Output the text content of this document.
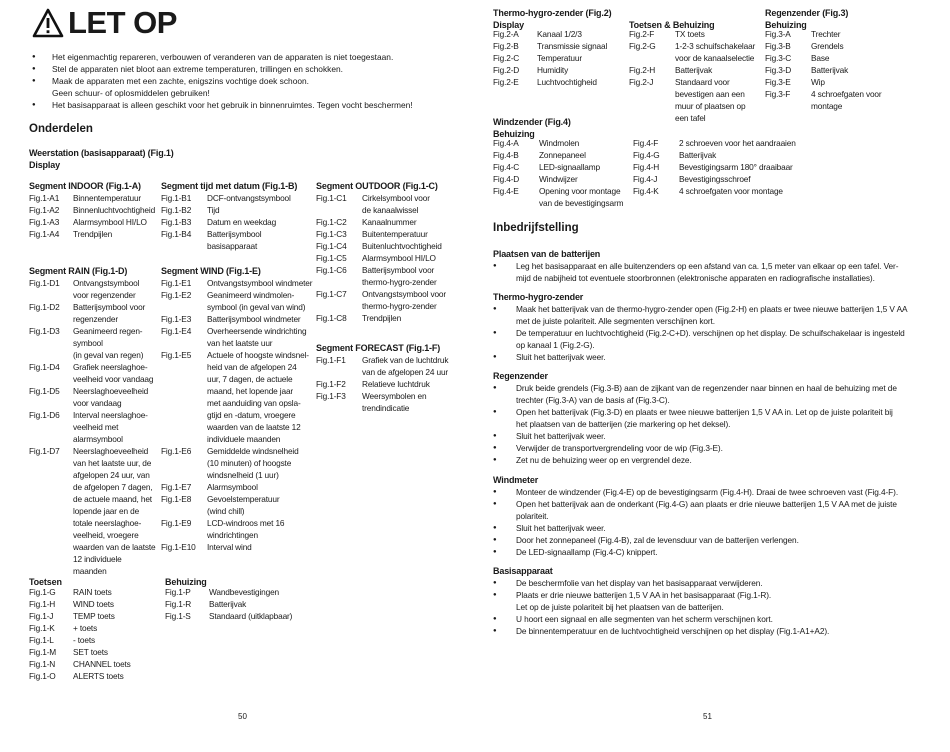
LET OP
● Het eigenmachtig repareren, verbouwen of veranderen van de apparaten is niet toegestaan.
● Stel de apparaten niet bloot aan extreme temperaturen, trillingen en schokken.
● Maak de apparaten met een zachte, enigszins vochtige doek schoon.
Geen schuur- of oplosmiddelen gebruiken!
● Het basisapparaat is alleen geschikt voor het gebruik in binnenruimtes. Tegen vocht beschermen!
Onderdelen
Weerstation (basisapparaat) (Fig.1)
Display
Segment INDOOR (Fig.1-A)
Fig.1-A1 Binnentemperatuur
Fig.1-A2 Binnenluchtvochtigheid
Fig.1-A3 Alarmsymbool HI/LO
Fig.1-A4 Trendpijlen
Segment tijd met datum (Fig.1-B)
Fig.1-B1 DCF-ontvangstsymbool
Fig.1-B2 Tijd
Fig.1-B3 Datum en weekdag
Fig.1-B4 Batterijsymbool
basisapparaat
Segment OUTDOOR (Fig.1-C)
Fig.1-C1 Cirkelsymbool voor
de kanaalwissel
Fig.1-C2 Kanaalnummer
Fig.1-C3 Buitentemperatuur
Fig.1-C4 Buitenluchtvochtigheid
Fig.1-C5 Alarmsymbool HI/LO
Fig.1-C6 Batterijsymbool voor
thermo-hygro-zender
Fig.1-C7 Ontvangstsymbool voor
thermo-hygro-zender
Fig.1-C8 Trendpijlen
Segment RAIN (Fig.1-D)
Fig.1-D1 Ontvangstsymbool
voor regenzender
Fig.1-D2 Batterijsymbool voor
regenzender
Fig.1-D3 Geanimeerd regen-
symbool
(in geval van regen)
Fig.1-D4 Grafiek neerslaghoe-
veelheid voor vandaag
Fig.1-D5 Neerslaghoeveelheid
voor vandaag
Fig.1-D6 Interval neerslaghoe-
veelheid met
alarmsymbool
Fig.1-D7 Neerslaghoeveelheid
van het laatste uur, de
afgelopen 24 uur, van
de afgelopen 7 dagen,
de actuele maand, het
lopende jaar en de
totale neerslaghoe-
veelheid, vroegere
waarden van de laatste
12 individuele
maanden
Segment WIND (Fig.1-E)
Fig.1-E1 Ontvangstsymbool windmeter
Fig.1-E2 Geanimeerd windmolen-
symbool (in geval van wind)
Fig.1-E3 Batterijsymbool windmeter
Fig.1-E4 Overheersende windrichting
van het laatste uur
Fig.1-E5 Actuele of hoogste windsnel-
heid van de afgelopen 24
uur, 7 dagen, de actuele
maand, het lopende jaar
met aanduiding van opsla-
gtijd en -datum, vroegere
waarden van de laatste 12
individuele maanden
Fig.1-E6 Gemiddelde windsnelheid
(10 minuten) of hoogste
windsnelheid (1 uur)
Fig.1-E7 Alarmsymbool
Fig.1-E8 Gevoelstemperatuur
(wind chill)
Fig.1-E9 LCD-windroos met 16
windrichtingen
Fig.1-E10 Interval wind
Segment FORECAST (Fig.1-F)
Fig.1-F1 Grafiek van de luchtdruk
van de afgelopen 24 uur
Fig.1-F2 Relatieve luchtdruk
Fig.1-F3 Weersymbolen en
trendindicatie
Toetsen
Fig.1-G RAIN toets
Fig.1-H WIND toets
Fig.1-J TEMP toets
Fig.1-K + toets
Fig.1-L - toets
Fig.1-M SET toets
Fig.1-N CHANNEL toets
Fig.1-O ALERTS toets
Behuizing
Fig.1-P Wandbevestigingen
Fig.1-R Batterijvak
Fig.1-S Standaard (uitklapbaar)
50
Thermo-hygro-zender (Fig.2)
Display
Fig.2-A Kanaal 1/2/3
Fig.2-B Transmissie signaal
Fig.2-C Temperatuur
Fig.2-D Humidity
Fig.2-E Luchtvochtigheid
Toetsen & Behuizing
Fig.2-F	TX toets
Fig.2-G 1-2-3 schuifschakelaar
voor de kanaalselectie
Fig.2-H Batterijvak
Fig.2-J	Standaard voor
bevestigen aan een
muur of plaatsen op
een tafel
Regenzender (Fig.3)
Behuizing
Fig.3-A Trechter
Fig.3-B Grendels
Fig.3-C Base
Fig.3-D Batterijvak
Fig.3-E Wip
Fig.3-F	4 schroefgaten voor
montage
Windzender (Fig.4)
Behuizing
Fig.4-A Windmolen
Fig.4-B Zonnepaneel
Fig.4-C LED-signaallamp
Fig.4-D Windwijzer
Fig.4-E Opening voor montage
van de bevestigingsarm
Fig.4-F	2 schroeven voor het aandraaien
Fig.4-G Batterijvak
Fig.4-H Bevestigingsarm 180° draaibaar
Fig.4-J	Bevestigingsschroef
Fig.4-K 4 schroefgaten voor montage
Inbedrijfstelling
Plaatsen van de batterijen
●	Leg het basisapparaat en alle buitenzenders op een afstand van ca. 1,5 meter van elkaar op een tafel. Ver-
mijd de nabijheid tot eventuele stoorbronnen (elektronische apparaten en radiografische installaties).
Thermo-hygro-zender
●	Maak het batterijvak van de thermo-hygro-zender open (Fig.2-H) en plaats er twee nieuwe batterijen 1,5 V AA
met de juiste polariteit. Alle segmenten verschijnen kort.
●	De temperatuur en luchtvochtigheid (Fig.2-C+D). verschijnen op het display. De schuifschakelaar is ingesteld
op kanaal 1 (Fig.2-G).
●	Sluit het batterijvak weer.
Regenzender
●	Druk beide grendels (Fig.3-B) aan de zijkant van de regenzender naar binnen en haal de behuizing met de
trechter (Fig.3-A) van de basis af (Fig.3-C).
●	Open het batterijvak (Fig.3-D) en plaats er twee nieuwe batterijen 1,5 V AA in. Let op de juiste polariteit bij
het plaatsen van de batterijen (zie markering op het deksel).
●	Sluit het batterijvak weer.
●	Verwijder de transportvergrendeling voor de wip (Fig.3-E).
●	Zet nu de behuizing weer op en vergrendel deze.
Windmeter
●	Monteer de windzender (Fig.4-E) op de bevestigingsarm (Fig.4-H). Draai de twee schroeven vast (Fig.4-F).
●	Open het batterijvak aan de onderkant (Fig.4-G) aan plaats er drie nieuwe batterijen 1,5 V AA met de juiste
polariteit.
●	Sluit het batterijvak weer.
●	Door het zonnepaneel (Fig.4-B), zal de levensduur van de batterijen verlengen.
●	De LED-signaallamp (Fig.4-C) knippert.
Basisapparaat
●	De beschermfolie van het display van het basisapparaat verwijderen.
●	Plaats er drie nieuwe batterijen 1,5 V AA in het basisapparaat (Fig.1-R).
Let op de juiste polariteit bij het plaatsen van de batterijen.
●	U hoort een signaal en alle segmenten van het scherm verschijnen kort.
●	De binnentemperatuur en de luchtvochtigheid verschijnen op het display (Fig.1-A1+A2).
51
